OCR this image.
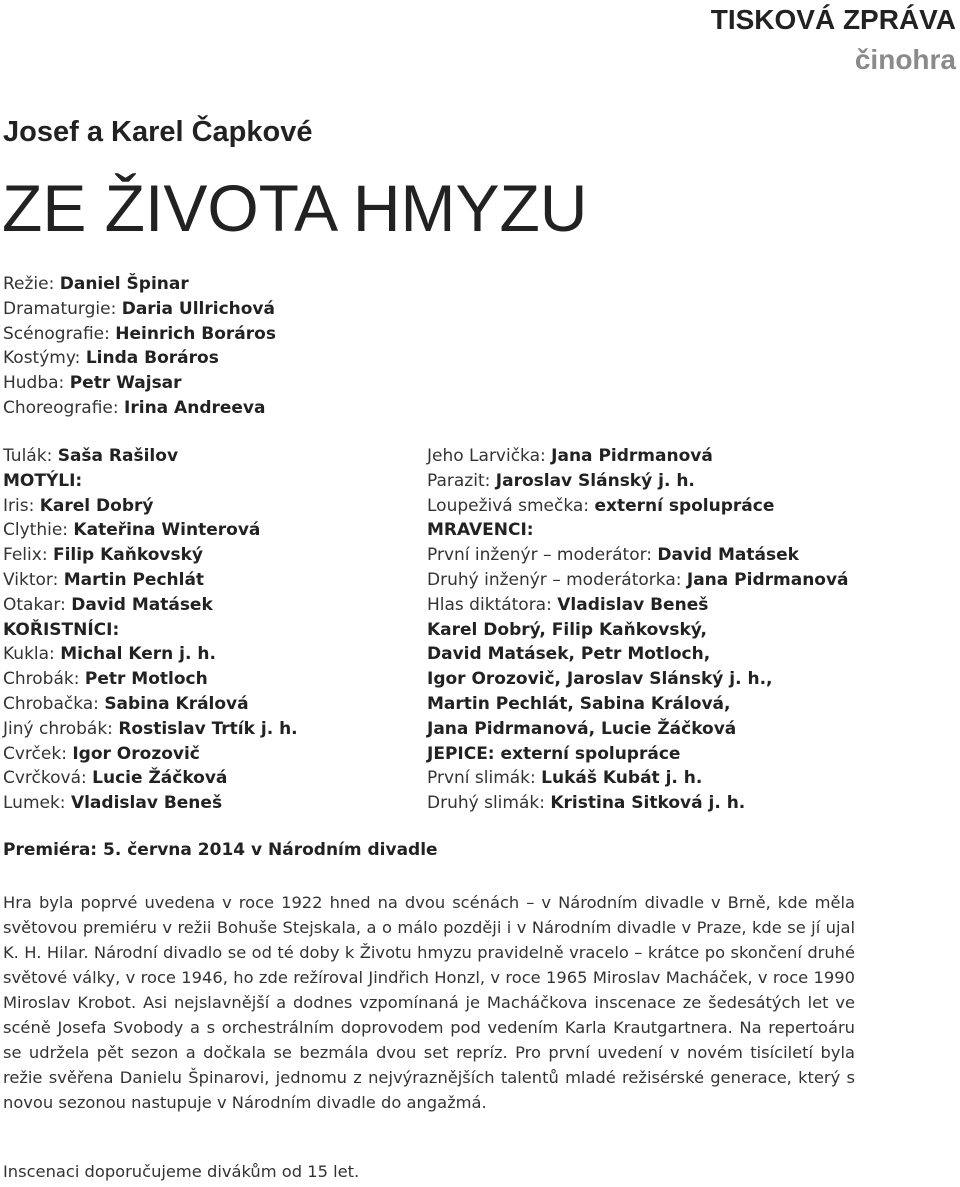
TISKOVÁ ZPRÁVA
činohra
Josef a Karel Čapkové
ZE ŽIVOTA HMYZU
Režie: Daniel Špinar
Dramaturgie: Daria Ullrichová
Scénografie: Heinrich Boráros
Kostýmy: Linda Boráros
Hudba: Petr Wajsar
Choreografie: Irina Andreeva
Tulák: Saša Rašilov
MOTÝLI:
Iris: Karel Dobrý
Clythie: Kateřina Winterová
Felix: Filip Kaňkovský
Viktor: Martin Pechlát
Otakar: David Matásek
KOŘISTNÍCI:
Kukla: Michal Kern j. h.
Chrobák: Petr Motloch
Chrobačka: Sabina Králová
Jiný chrobák: Rostislav Trtík j. h.
Cvrček: Igor Orozovič
Cvrčková: Lucie Žáčková
Lumek: Vladislav Beneš
Jeho Larvička: Jana Pidrmanová
Parazit: Jaroslav Slánský j. h.
Loupeživá smečka: externí spolupráce
MRAVENCI:
První inženýr – moderátor: David Matásek
Druhý inženýr – moderátorka: Jana Pidrmanová
Hlas diktátora: Vladislav Beneš
Karel Dobrý, Filip Kaňkovský,
David Matásek, Petr Motloch,
Igor Orozovič, Jaroslav Slánský j. h.,
Martin Pechlát, Sabina Králová,
Jana Pidrmanová, Lucie Žáčková
JEPICE: externí spolupráce
První slimák: Lukáš Kubát j. h.
Druhý slimák: Kristina Sitková j. h.
Premiéra: 5. června 2014 v Národním divadle
Hra byla poprvé uvedena v roce 1922 hned na dvou scénách – v Národním divadle v Brně, kde měla světovou premiéru v režii Bohuše Stejskala, a o málo později i v Národním divadle v Praze, kde se jí ujal K. H. Hilar. Národní divadlo se od té doby k Životu hmyzu pravidelně vracelo – krátce po skončení druhé světové války, v roce 1946, ho zde režíroval Jindřich Honzl, v roce 1965 Miroslav Macháček, v roce 1990 Miroslav Krobot. Asi nejslavnější a dodnes vzpomínaná je Macháčkova inscenace ze šedesátých let ve scéně Josefa Svobody a s orchestrálním doprovodem pod vedením Karla Krautgartnera. Na repertoáru se udržela pět sezon a dočkala se bezmála dvou set repríz. Pro první uvedení v novém tisíciletí byla režie svěřena Danielu Špinarovi, jednomu z nejvýraznějších talentů mladé režisérské generace, který s novou sezonou nastupuje v Národním divadle do angažmá.
Inscenaci doporučujeme divákům od 15 let.
